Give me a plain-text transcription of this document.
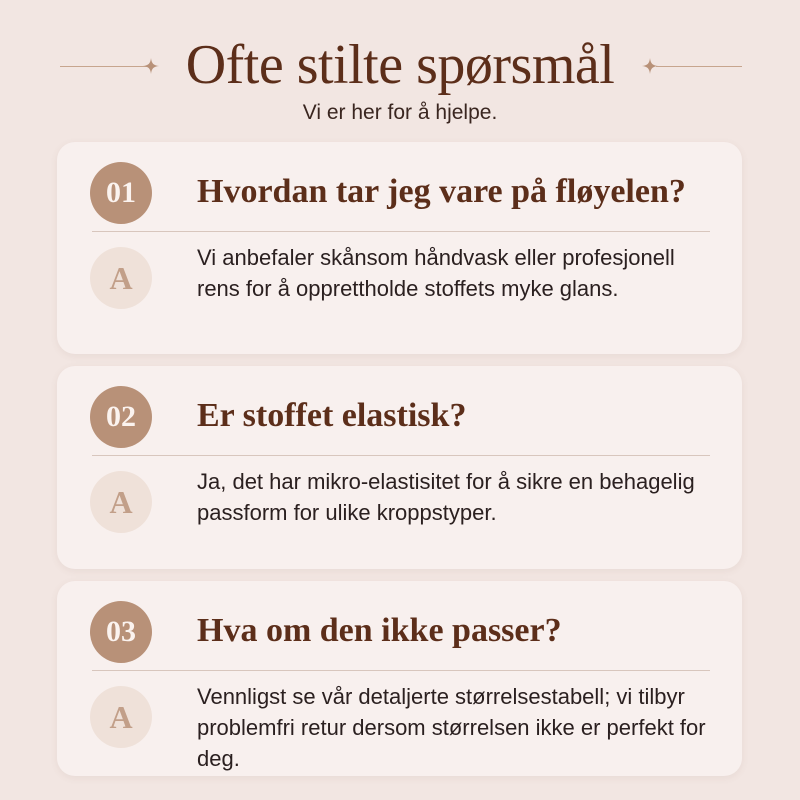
Ofte stilte spørsmål
Vi er her for å hjelpe.
01	Hvordan tar jeg vare på fløyelen?
A
Vi anbefaler skånsom håndvask eller profesjonell rens for å opprettholde stoffets myke glans.
02	Er stoffet elastisk?
A
Ja, det har mikro-elastisitet for å sikre en behagelig passform for ulike kroppstyper.
03	Hva om den ikke passer?
A
Vennligst se vår detaljerte størrelsestabell; vi tilbyr problemfri retur dersom størrelsen ikke er perfekt for deg.
